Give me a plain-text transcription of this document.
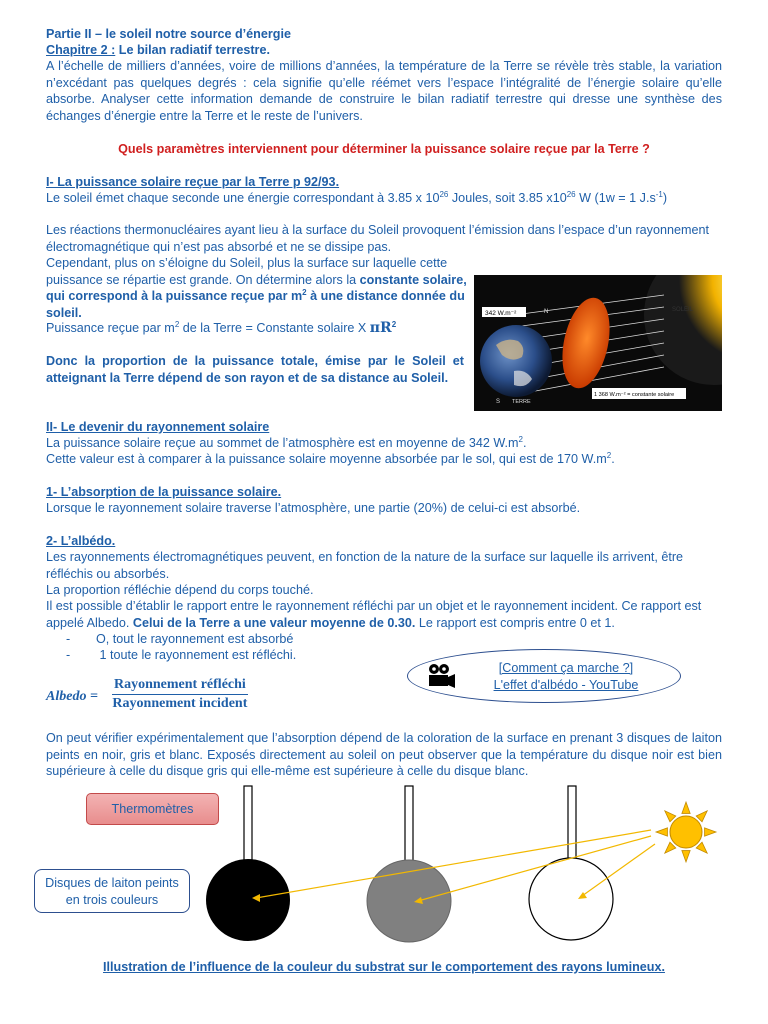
Partie II – le soleil notre source d’énergie
Chapitre 2 : Le bilan radiatif terrestre.
A l’échelle de milliers d’années, voire de millions d’années, la température de la Terre se révèle très stable, la variation n’excédant pas quelques degrés : cela signifie qu’elle réémet vers l’espace l’intégralité de l’énergie solaire qu’elle absorbe. Analyser cette information demande de construire le bilan radiatif terrestre qui dresse une synthèse des échanges d’énergie entre la Terre et le reste de l’univers.
Quels paramètres interviennent pour déterminer la puissance solaire reçue par la Terre ?
I- La puissance solaire reçue par la Terre p 92/93.
Le soleil émet chaque seconde une énergie correspondant à 3.85 x $10^{26}$ Joules, soit 3.85 $x10^{26}$ W (1w = 1 $J.s^{-1}$)
Les réactions thermonucléaires ayant lieu à la surface du Soleil provoquent l’émission dans l’espace d’un rayonnement électromagnétique qui n’est pas absorbé et ne se dissipe pas.
Cependant, plus on s’éloigne du Soleil, plus la surface sur laquelle cette puissance se répartie est grande. On détermine alors la constante solaire, qui correspond à la puissance reçue par $m^2$ à une distance donnée du soleil.
Puissance reçue par $m^2$ de la Terre = Constante solaire X $\pi R^2$
Donc la proportion de la puissance totale, émise par le Soleil et atteignant la Terre dépend de son rayon et de sa distance au Soleil.
342 W.m⁻²	SOLEIL
TERRE
S
N
1 368 W.m⁻² = constante solaire
II- Le devenir du rayonnement solaire
La puissance solaire reçue au sommet de l’atmosphère est en moyenne de 342 $W.m^2$.
Cette valeur est à comparer à la puissance solaire moyenne absorbée par le sol, qui est de 170 $W.m^2$.
1- L’absorption de la puissance solaire.
Lorsque le rayonnement solaire traverse l’atmosphère, une partie (20%) de celui-ci est absorbé.
2- L’albédo.
Les rayonnements électromagnétiques peuvent, en fonction de la nature de la surface sur laquelle ils arrivent, être réfléchis ou absorbés.
La proportion réfléchie dépend du corps touché.
Il est possible d’établir le rapport entre le rayonnement réfléchi par un objet et le rayonnement incident. Ce rapport est appelé Albedo. Celui de la Terre a une valeur moyenne de 0.30. Le rapport est compris entre 0 et 1.
- O, tout le rayonnement est absorbé
- 1 toute le rayonnement est réfléchi.
Albedo =
Rayonnement réfléchi
Rayonnement incident
[Comment ça marche ?]
L'effet d'albédo - YouTube
On peut vérifier expérimentalement que l’absorption dépend de la coloration de la surface en prenant 3 disques de laiton peints en noir, gris et blanc. Exposés directement au soleil on peut observer que la température du disque noir est bien supérieure à celle du disque gris qui elle-même est supérieure à celle du disque blanc.
Thermomètres
Disques de laiton peints
en trois couleurs
Illustration de l’influence de la couleur du substrat sur le comportement des rayons lumineux.
